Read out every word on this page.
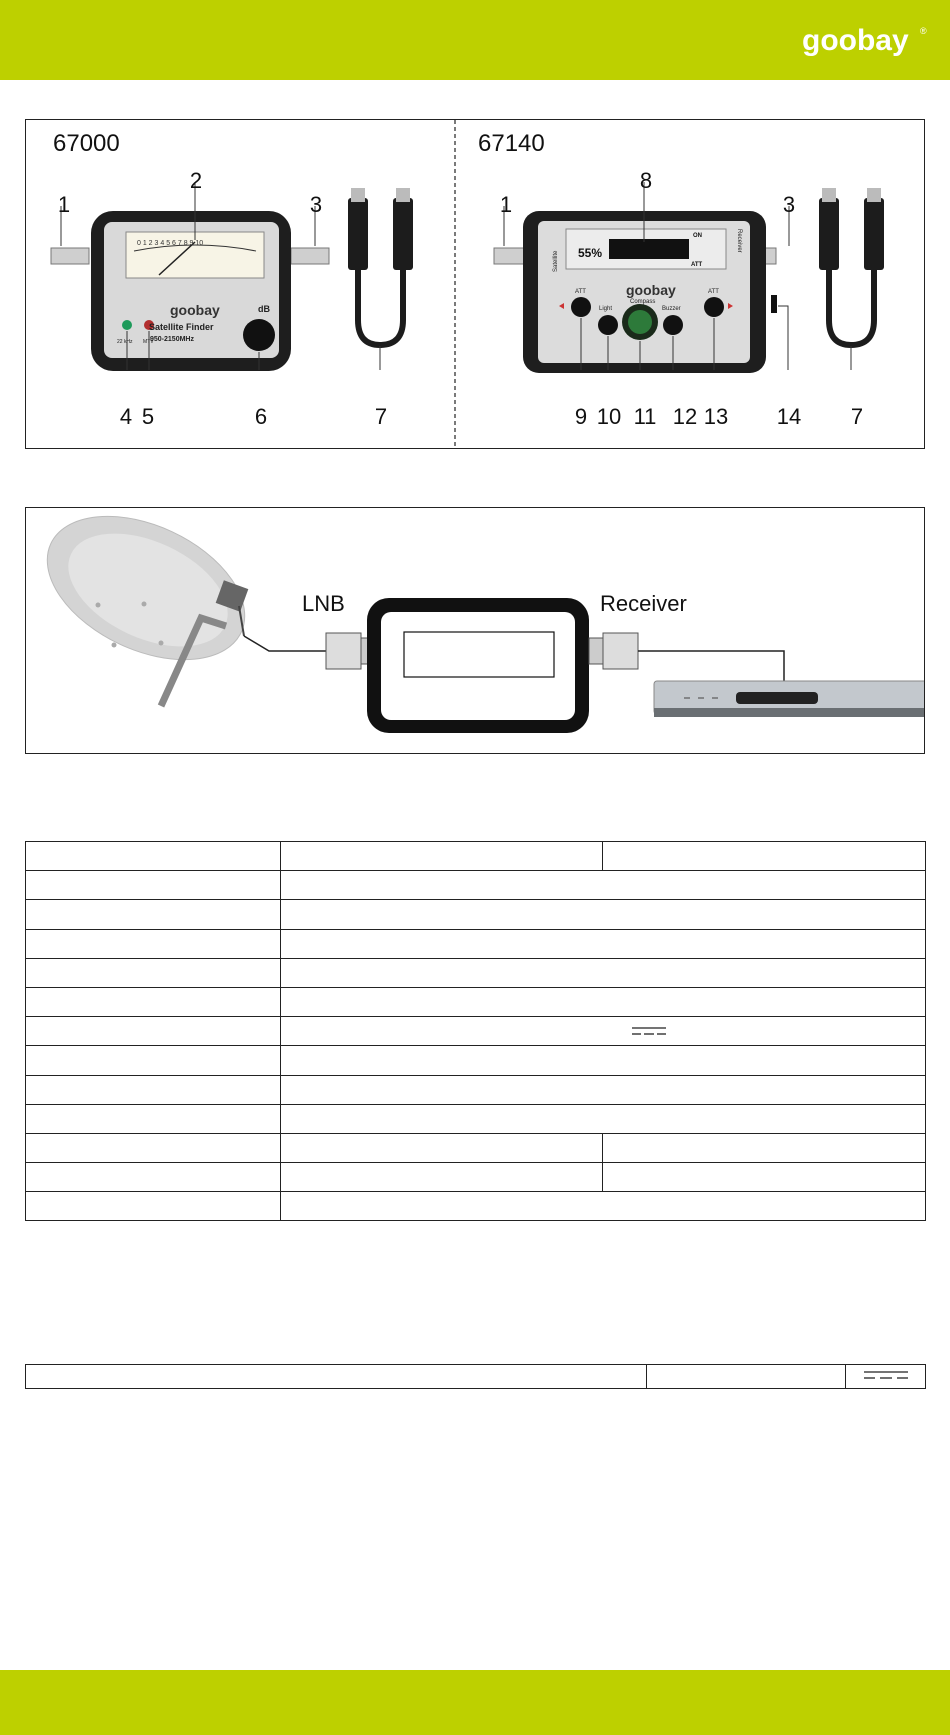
goobay ®
0 1 2 3 4 5 6 7 8 9 10
Satellite Finder
950-2150MHz
22 kHz MTV
dB
goobay
55%
ON
ATT
Satellite
Receiver
goobay
Compass
ATT	ATT
Light	Buzzer
67000	67140
1
2
3
4 5	6	7
1
8
3
9 10 11 12 13 14	7
LNB	Receiver
